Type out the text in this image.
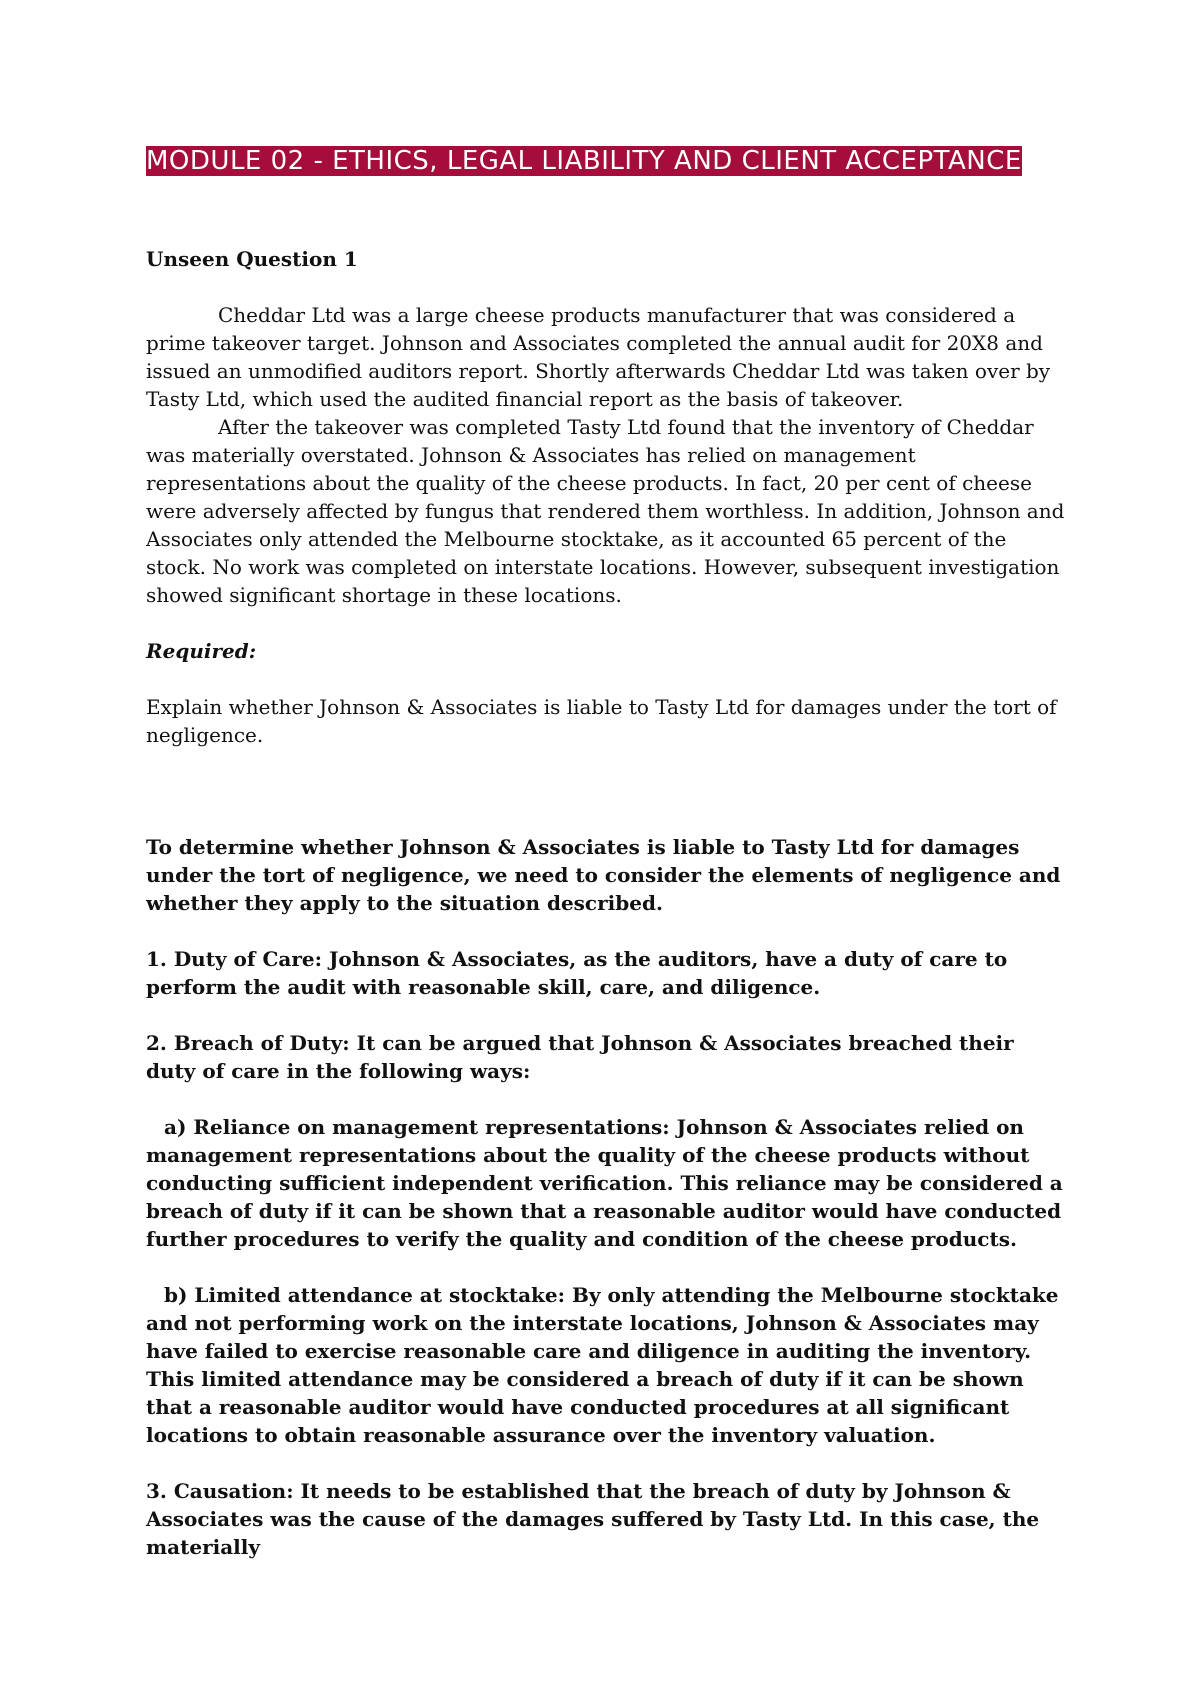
MODULE 02 - ETHICS, LEGAL LIABILITY AND CLIENT ACCEPTANCE
Unseen Question 1

Cheddar Ltd was a large cheese products manufacturer that was considered a prime takeover target. Johnson and Associates completed the annual audit for 20X8 and issued an unmodified auditors report. Shortly afterwards Cheddar Ltd was taken over by Tasty Ltd, which used the audited financial report as the basis of takeover.

After the takeover was completed Tasty Ltd found that the inventory of Cheddar was materially overstated. Johnson & Associates has relied on management representations about the quality of the cheese products. In fact, 20 per cent of cheese were adversely affected by fungus that rendered them worthless. In addition, Johnson and Associates only attended the Melbourne stocktake, as it accounted 65 percent of the stock. No work was completed on interstate locations. However, subsequent investigation showed significant shortage in these locations.

Required:
Explain whether Johnson & Associates is liable to Tasty Ltd for damages under the tort of negligence.

To determine whether Johnson & Associates is liable to Tasty Ltd for damages under the tort of negligence, we need to consider the elements of negligence and whether they apply to the situation described.

1. Duty of Care: Johnson & Associates, as the auditors, have a duty of care to perform the audit with reasonable skill, care, and diligence.

2. Breach of Duty: It can be argued that Johnson & Associates breached their duty of care in the following ways:

a) Reliance on management representations: Johnson & Associates relied on management representations about the quality of the cheese products without conducting sufficient independent verification. This reliance may be considered a breach of duty if it can be shown that a reasonable auditor would have conducted further procedures to verify the quality and condition of the cheese products.

b) Limited attendance at stocktake: By only attending the Melbourne stocktake and not performing work on the interstate locations, Johnson & Associates may have failed to exercise reasonable care and diligence in auditing the inventory. This limited attendance may be considered a breach of duty if it can be shown that a reasonable auditor would have conducted procedures at all significant locations to obtain reasonable assurance over the inventory valuation.

3. Causation: It needs to be established that the breach of duty by Johnson & Associates was the cause of the damages suffered by Tasty Ltd. In this case, the materially
